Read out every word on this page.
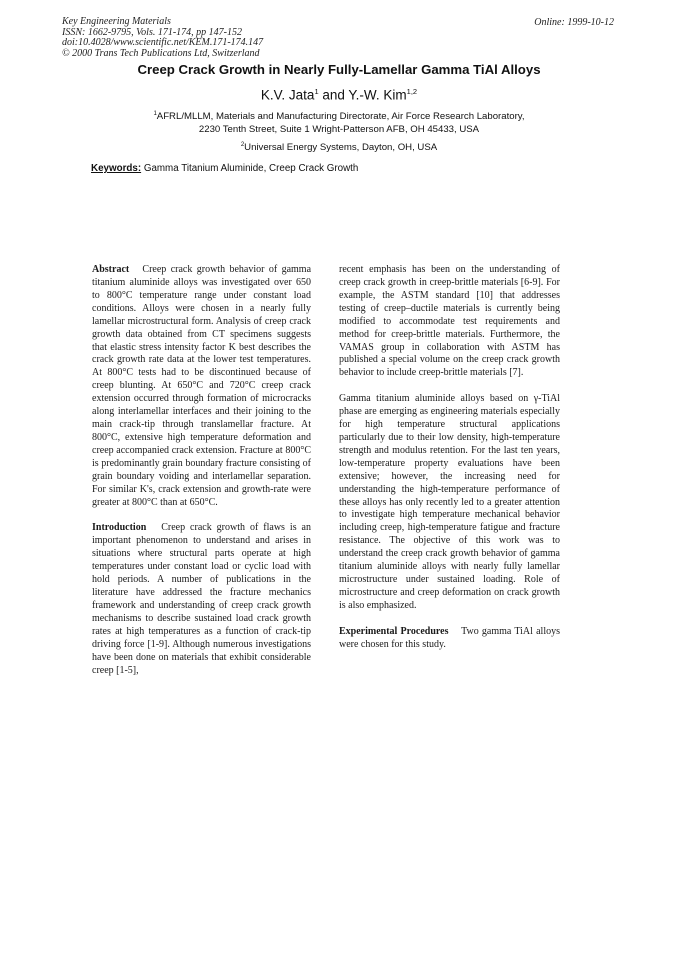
Key Engineering Materials
ISSN: 1662-9795, Vols. 171-174, pp 147-152
doi:10.4028/www.scientific.net/KEM.171-174.147
© 2000 Trans Tech Publications Ltd, Switzerland
Online: 1999-10-12
Creep Crack Growth in Nearly Fully-Lamellar Gamma TiAl Alloys
K.V. Jata$^1$ and Y.-W. Kim$^{1,2}$
$^1$AFRL/MLLM, Materials and Manufacturing Directorate, Air Force Research Laboratory,
2230 Tenth Street, Suite 1 Wright-Patterson AFB, OH 45433, USA
$^2$Universal Energy Systems, Dayton, OH, USA
Keywords: Gamma Titanium Aluminide, Creep Crack Growth

Abstract Creep crack growth behavior of gamma titanium aluminide alloys was investigated over 650 to 800°C temperature range under constant load conditions. Alloys were chosen in a nearly fully lamellar microstructural form. Analysis of creep crack growth data obtained from CT specimens suggests that elastic stress intensity factor K best describes the crack growth rate data at the lower test temperatures. At 800°C tests had to be discontinued because of creep blunting. At 650°C and 720°C creep crack extension occurred through formation of microcracks along interlamellar interfaces and their joining to the main crack-tip through translamellar fracture. At 800°C, extensive high temperature deformation and creep accompanied crack extension. Fracture at 800°C is predominantly grain boundary fracture consisting of grain boundary voiding and interlamellar separation. For similar K's, crack extension and growth-rate were greater at 800°C than at 650°C.

Introduction Creep crack growth of flaws is an important phenomenon to understand and arises in situations where structural parts operate at high temperatures under constant load or cyclic load with hold periods. A number of publications in the literature have addressed the fracture mechanics framework and understanding of creep crack growth mechanisms to describe sustained load crack growth rates at high temperatures as a function of crack-tip driving force [1-9]. Although numerous investigations have been done on materials that exhibit considerable creep [1-5],

recent emphasis has been on the understanding of creep crack growth in creep-brittle materials [6-9]. For example, the ASTM standard [10] that addresses testing of creep–ductile materials is currently being modified to accommodate test requirements and method for creep-brittle materials. Furthermore, the VAMAS group in collaboration with ASTM has published a special volume on the creep crack growth behavior to include creep-brittle materials [7].

Gamma titanium aluminide alloys based on γ-TiAl phase are emerging as engineering materials especially for high temperature structural applications particularly due to their low density, high-temperature strength and modulus retention. For the last ten years, low-temperature property evaluations have been extensive; however, the increasing need for understanding the high-temperature performance of these alloys has only recently led to a greater attention to investigate high temperature mechanical behavior including creep, high-temperature fatigue and fracture resistance. The objective of this work was to understand the creep crack growth behavior of gamma titanium aluminide alloys with nearly fully lamellar microstructure under sustained loading. Role of microstructure and creep deformation on crack growth is also emphasized.

Experimental Procedures Two gamma TiAl alloys were chosen for this study.
